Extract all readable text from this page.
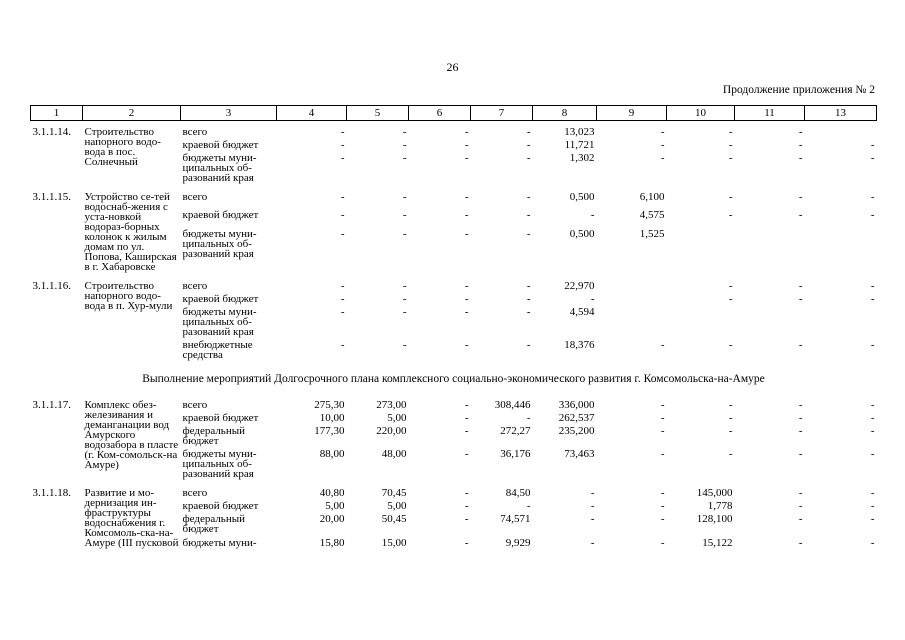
26
Продолжение приложения № 2
1	2	3	4	5	6	7	8	9	10	11	13

3.1.1.14.	Строительство напорного водо-вода в пос. Солнечный	всего	-	-	-	-	13,023	-	-	-	
		краевой бюджет	-	-	-	-	11,721	-	-	-	-
		бюджеты муни-ципальных об-разований края	-	-	-	-	1,302	-	-	-	-

3.1.1.15.	Устройство се-тей водоснаб-жения с уста-новкой водораз-борных колонок к жилым домам по ул. Попова, Каширская в г. Хабаровске	всего	-	-	-	-	0,500	6,100	-	-	-
		краевой бюджет	-	-	-	-	-	4,575	-	-	-
		бюджеты муни-ципальных об-разований края	-	-	-	-	0,500	1,525			

3.1.1.16.	Строительство напорного водо-вода в п. Хур-мули	всего	-	-	-	-	22,970		-	-	-
		краевой бюджет	-	-	-	-	-		-	-	-
		бюджеты муни-ципальных об-разований края	-	-	-	-	4,594				
		внебюджетные средства	-	-	-	-	18,376	-	-	-	-

Выполнение мероприятий Долгосрочного плана комплексного социально-экономического развития г. Комсомольска-на-Амуре											
3.1.1.17.	Комплекс обез-железивания и деманганации вод Амурского водозабора в пласте (г. Ком-сомольск-на Амуре)	всего	275,30	273,00	-	308,446	336,000	-	-	-	-
		краевой бюджет	10,00	5,00	-	-	262,537	-	-	-	-
		федеральный бюджет	177,30	220,00	-	272,27	235,200	-	-	-	-
		бюджеты муни-ципальных об-разований края	88,00	48,00	-	36,176	73,463	-	-	-	-

3.1.1.18.	Развитие и мо-дернизация ин-фраструктуры водоснабжения г. Комсомоль-ска-на-Амуре (III пусковой	всего	40,80	70,45	-	84,50	-	-	145,000	-	-
		краевой бюджет	5,00	5,00	-	-	-	-	1,778	-	-
		федеральный бюджет	20,00	50,45	-	74,571	-	-	128,100	-	-
		бюджеты муни-	15,80	15,00	-	9,929	-	-	15,122	-	-
